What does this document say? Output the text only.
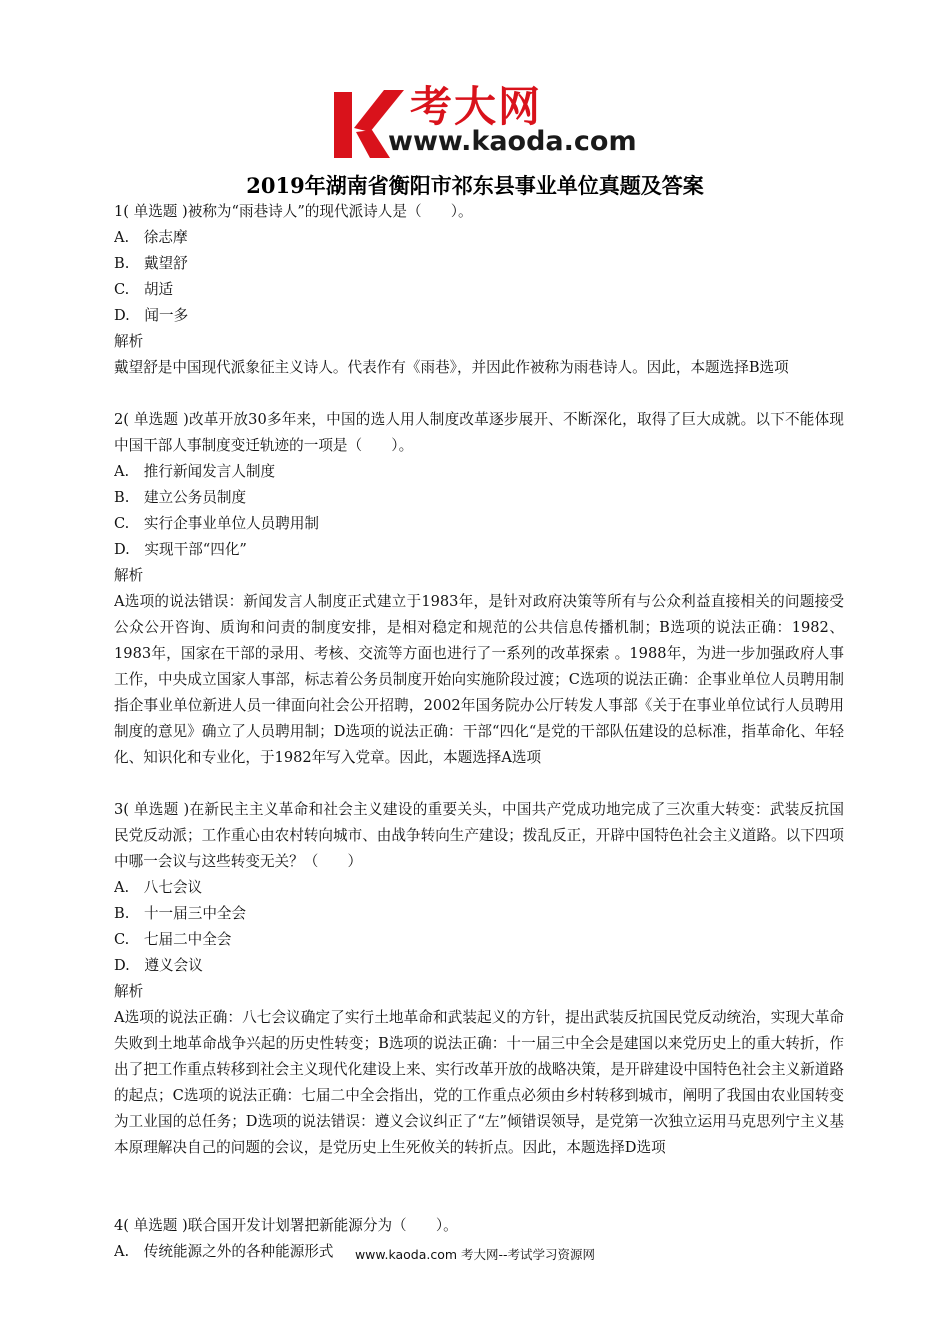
考大网
www.kaoda.com
2019年湖南省衡阳市祁东县事业单位真题及答案
1( 单选题 )被称为“雨巷诗人”的现代派诗人是（　　）。
A.　徐志摩
B.　戴望舒
C.　胡适
D.　闻一多
解析
戴望舒是中国现代派象征主义诗人。代表作有《雨巷》，并因此作被称为雨巷诗人。因此，本题选择B选项
2( 单选题 )改革开放30多年来，中国的选人用人制度改革逐步展开、不断深化，取得了巨大成就。以下不能体现中国干部人事制度变迁轨迹的一项是（　　）。
A.　推行新闻发言人制度
B.　建立公务员制度
C.　实行企事业单位人员聘用制
D.　实现干部“四化”
解析
A选项的说法错误：新闻发言人制度正式建立于1983年，是针对政府决策等所有与公众利益直接相关的问题接受公众公开咨询、质询和问责的制度安排，是相对稳定和规范的公共信息传播机制；B选项的说法正确：1982、1983年，国家在干部的录用、考核、交流等方面也进行了一系列的改革探索 。1988年，为进一步加强政府人事工作，中央成立国家人事部，标志着公务员制度开始向实施阶段过渡；C选项的说法正确：企事业单位人员聘用制指企事业单位新进人员一律面向社会公开招聘，2002年国务院办公厅转发人事部《关于在事业单位试行人员聘用制度的意见》确立了人员聘用制；D选项的说法正确：干部“四化“是党的干部队伍建设的总标准，指革命化、年轻化、知识化和专业化，于1982年写入党章。因此，本题选择A选项
3( 单选题 )在新民主主义革命和社会主义建设的重要关头，中国共产党成功地完成了三次重大转变：武装反抗国民党反动派；工作重心由农村转向城市、由战争转向生产建设；拨乱反正，开辟中国特色社会主义道路。以下四项中哪一会议与这些转变无关？（　　）
A.　八七会议
B.　十一届三中全会
C.　七届二中全会
D.　遵义会议
解析
A选项的说法正确：八七会议确定了实行土地革命和武装起义的方针，提出武装反抗国民党反动统治，实现大革命失败到土地革命战争兴起的历史性转变；B选项的说法正确：十一届三中全会是建国以来党历史上的重大转折，作出了把工作重点转移到社会主义现代化建设上来、实行改革开放的战略决策，是开辟建设中国特色社会主义新道路的起点；C选项的说法正确：七届二中全会指出，党的工作重点必须由乡村转移到城市，阐明了我国由农业国转变为工业国的总任务；D选项的说法错误：遵义会议纠正了“左”倾错误领导，是党第一次独立运用马克思列宁主义基本原理解决自己的问题的会议，是党历史上生死攸关的转折点。因此，本题选择D选项
4( 单选题 )联合国开发计划署把新能源分为（　　）。
A.　传统能源之外的各种能源形式	www.kaoda.com 考大网--考试学习资源网
